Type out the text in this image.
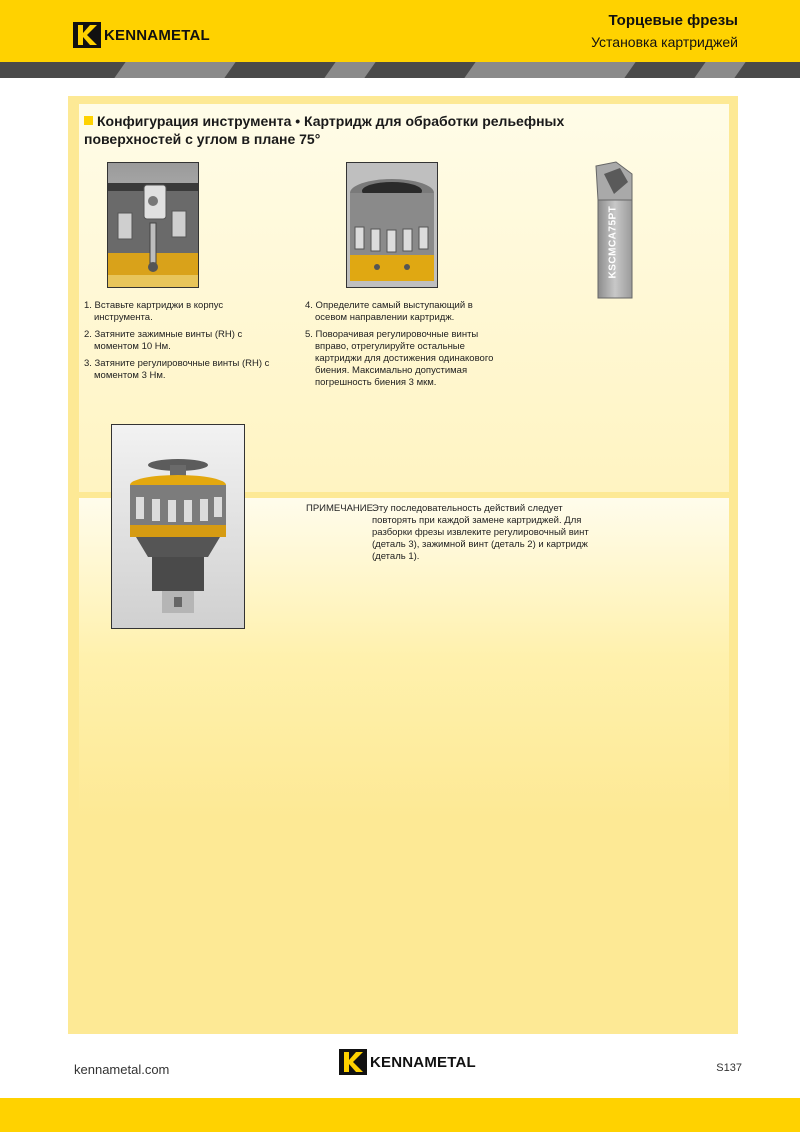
KENNAMETAL
Торцевые фрезы
Установка картриджей
Конфигурация инструмента • Картридж для обработки рельефных поверхностей с углом в плане 75°
KSCMCA75PT
1. Вставьте картриджи в корпус инструмента.
2. Затяните зажимные винты (RH) с моментом 10 Нм.
3. Затяните регулировочные винты (RH) с моментом 3 Нм.
4. Определите самый выступающий в осевом направлении картридж.
5. Поворачивая регулировочные винты вправо, отрегулируйте остальные картриджи для достижения одинакового биения. Максимально допустимая погрешность биения 3 мкм.
ПРИМЕЧАНИЕ.
Эту последовательность действий следует повторять при каждой замене картриджей. Для разборки фрезы извлеките регулировочный винт (деталь 3), зажимной винт (деталь 2) и картридж (деталь 1).
kennametal.com	KENNAMETAL	S137
